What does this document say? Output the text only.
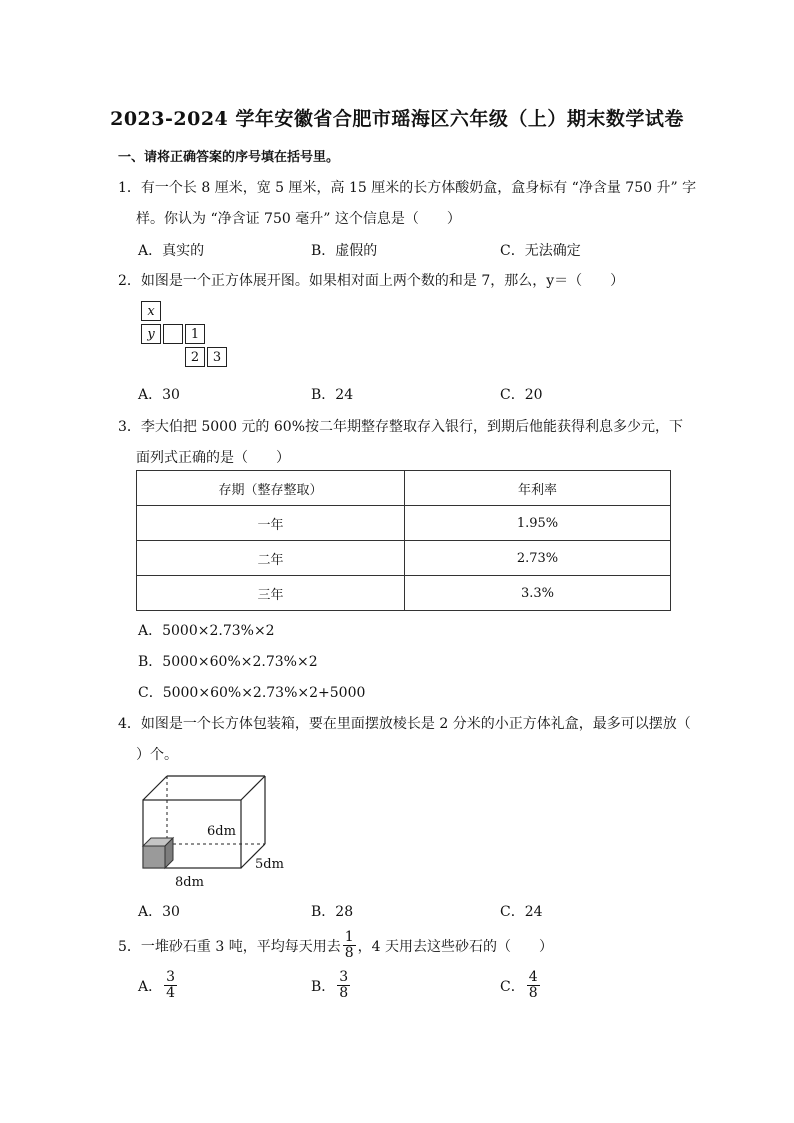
2023-2024 学年安徽省合肥市瑶海区六年级（上）期末数学试卷
一、请将正确答案的序号填在括号里。
1．有一个长 8 厘米，宽 5 厘米，高 15 厘米的长方体酸奶盒，盒身标有 “净含量 750 升” 字
样。你认为 “净含证 750 毫升” 这个信息是（　　）
A．真实的	B．虚假的	C．无法确定
2．如图是一个正方体展开图。如果相对面上两个数的和是 7，那么，y＝（　　）
x
y	1
2	3
A．30	B．24	C．20
3．李大伯把 5000 元的 60%按二年期整存整取存入银行，到期后他能获得利息多少元，下
面列式正确的是（　　）
存期（整存整取）	年利率
一年	1.95%
二年	2.73%
三年	3.3%
A．5000×2.73%×2
B．5000×60%×2.73%×2
C．5000×60%×2.73%×2+5000
4．如图是一个长方体包装箱，要在里面摆放棱长是 2 分米的小正方体礼盒，最多可以摆放（
）个。
6dm
5dm
8dm
A．30	B．28	C．24
5．一堆砂石重 3 吨，平均每天用去 $\frac{1}{8}$ ，4 天用去这些砂石的（　　）
A． $\frac{3}{4}$	B． $\frac{3}{8}$	C． $\frac{4}{8}$
